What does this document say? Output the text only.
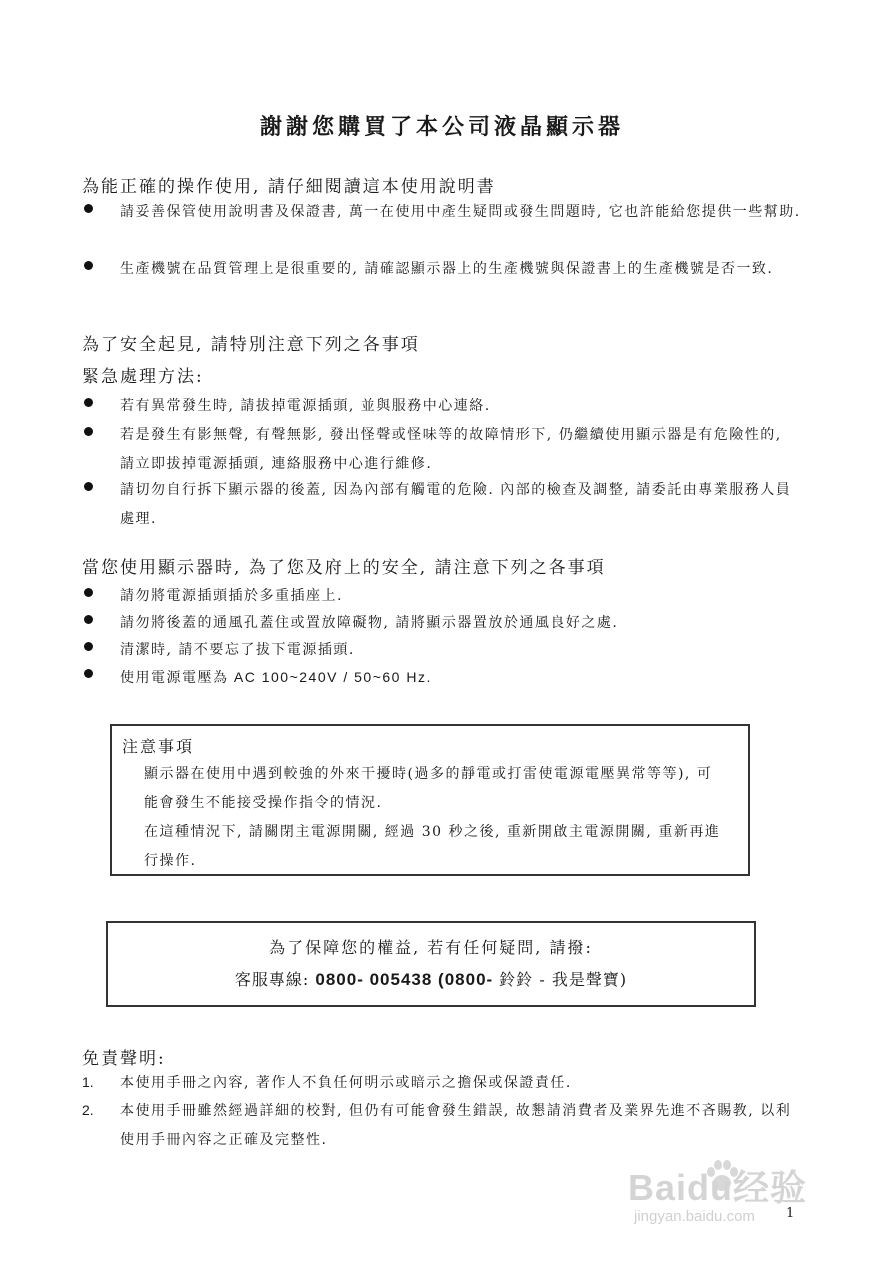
謝謝您購買了本公司液晶顯示器
為能正確的操作使用, 請仔細閱讀這本使用說明書
請妥善保管使用說明書及保證書, 萬一在使用中產生疑問或發生問題時, 它也許能給您提供一些幫助.
生產機號在品質管理上是很重要的, 請確認顯示器上的生產機號與保證書上的生產機號是否一致.
為了安全起見, 請特別注意下列之各事項
緊急處理方法:
若有異常發生時, 請拔掉電源插頭, 並與服務中心連絡.
若是發生有影無聲, 有聲無影, 發出怪聲或怪味等的故障情形下, 仍繼續使用顯示器是有危險性的, 請立即拔掉電源插頭, 連絡服務中心進行維修.
請切勿自行拆下顯示器的後蓋, 因為內部有觸電的危險. 內部的檢查及調整, 請委託由專業服務人員處理.
當您使用顯示器時, 為了您及府上的安全, 請注意下列之各事項
請勿將電源插頭插於多重插座上.
請勿將後蓋的通風孔蓋住或置放障礙物, 請將顯示器置放於通風良好之處.
清潔時, 請不要忘了拔下電源插頭.
使用電源電壓為 AC 100~240V / 50~60 Hz.
注意事項
顯示器在使用中遇到較強的外來干擾時(過多的靜電或打雷使電源電壓異常等等), 可能會發生不能接受操作指令的情況.
在這種情況下, 請關閉主電源開關, 經過 30 秒之後, 重新開啟主電源開關, 重新再進行操作.
為了保障您的權益, 若有任何疑問, 請撥:
客服專線: 0800- 005438 (0800- 鈴鈴 - 我是聲寶)
免責聲明:
1. 本使用手冊之內容, 著作人不負任何明示或暗示之擔保或保證責任.
2. 本使用手冊雖然經過詳細的校對, 但仍有可能會發生錯誤, 故懇請消費者及業界先進不吝賜教, 以利使用手冊內容之正確及完整性.
Baidu经验
jingyan.baidu.com 1
